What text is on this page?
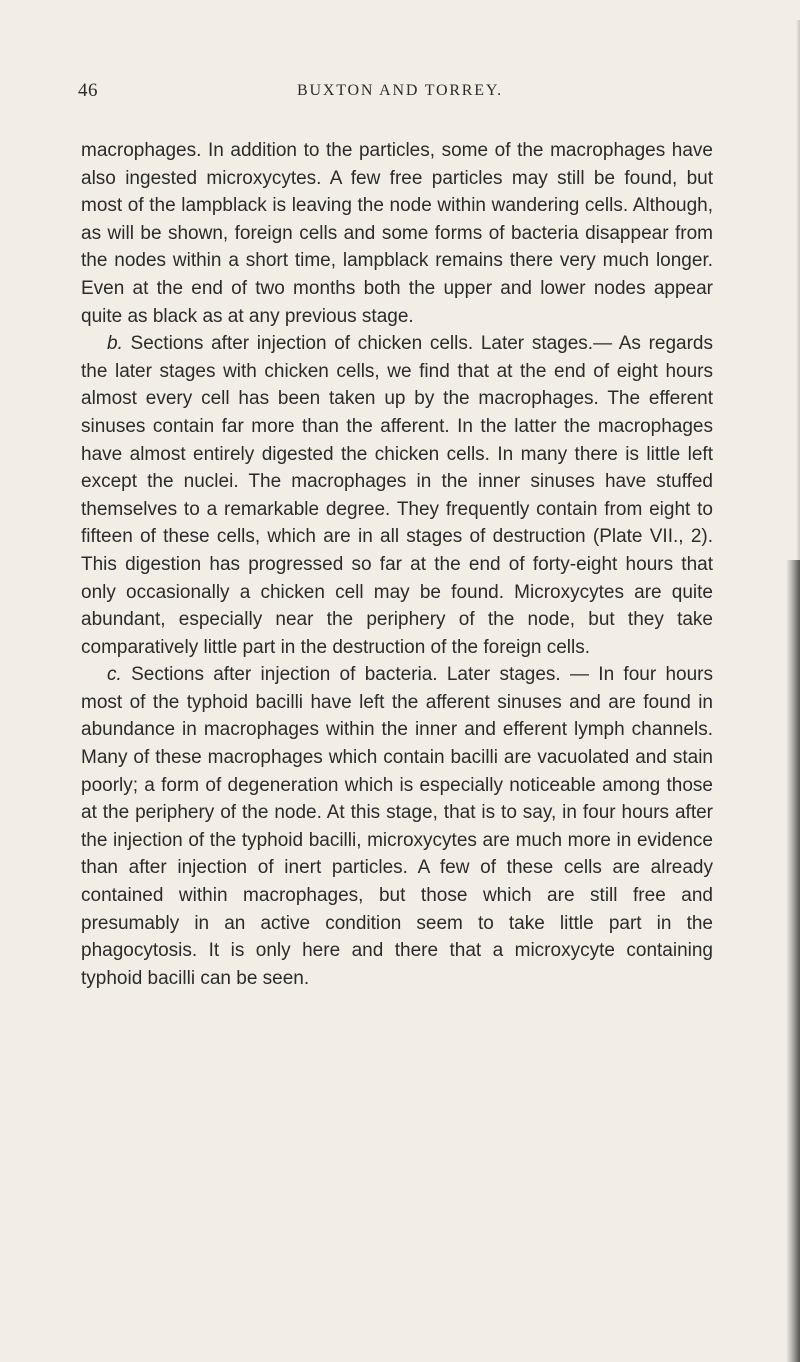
46	BUXTON AND TORREY.

macrophages. In addition to the particles, some of the macrophages have also ingested microxycytes. A few free particles may still be found, but most of the lampblack is leaving the node within wandering cells. Although, as will be shown, foreign cells and some forms of bacteria disappear from the nodes within a short time, lampblack remains there very much longer. Even at the end of two months both the upper and lower nodes appear quite as black as at any previous stage.

b. Sections after injection of chicken cells. Later stages.— As regards the later stages with chicken cells, we find that at the end of eight hours almost every cell has been taken up by the macrophages. The efferent sinuses contain far more than the afferent. In the latter the macrophages have almost entirely digested the chicken cells. In many there is little left except the nuclei. The macrophages in the inner sinuses have stuffed themselves to a remarkable degree. They frequently contain from eight to fifteen of these cells, which are in all stages of destruction (Plate VII., 2). This digestion has progressed so far at the end of forty-eight hours that only occasionally a chicken cell may be found. Microxycytes are quite abundant, especially near the periphery of the node, but they take comparatively little part in the destruction of the foreign cells.

c. Sections after injection of bacteria. Later stages. — In four hours most of the typhoid bacilli have left the afferent sinuses and are found in abundance in macrophages within the inner and efferent lymph channels. Many of these macrophages which contain bacilli are vacuolated and stain poorly; a form of degeneration which is especially noticeable among those at the periphery of the node. At this stage, that is to say, in four hours after the injection of the typhoid bacilli, microxycytes are much more in evidence than after injection of inert particles. A few of these cells are already contained within macrophages, but those which are still free and presumably in an active condition seem to take little part in the phagocytosis. It is only here and there that a microxycyte containing typhoid bacilli can be seen.
